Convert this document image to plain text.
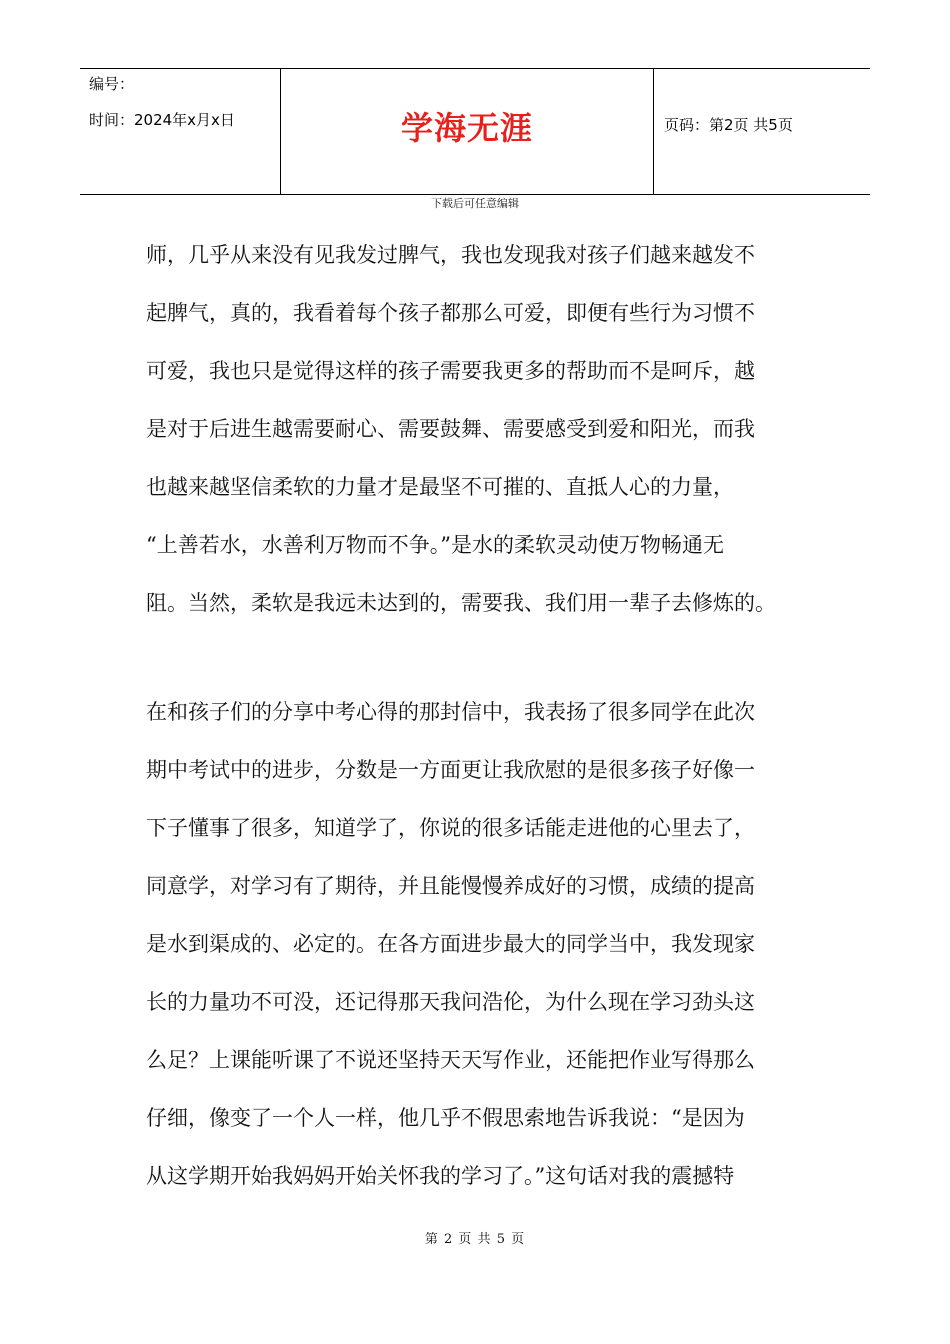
编号：
时间：2024年x月x日	学海无涯	页码：第2页 共5页
下载后可任意编辑
师，几乎从来没有见我发过脾气，我也发现我对孩子们越来越发不
起脾气，真的，我看着每个孩子都那么可爱，即便有些行为习惯不
可爱，我也只是觉得这样的孩子需要我更多的帮助而不是呵斥，越
是对于后进生越需要耐心、需要鼓舞、需要感受到爱和阳光，而我
也越来越坚信柔软的力量才是最坚不可摧的、直抵人心的力量，
“上善若水，水善利万物而不争。”是水的柔软灵动使万物畅通无
阻。当然，柔软是我远未达到的，需要我、我们用一辈子去修炼的。
在和孩子们的分享中考心得的那封信中，我表扬了很多同学在此次
期中考试中的进步，分数是一方面更让我欣慰的是很多孩子好像一
下子懂事了很多，知道学了，你说的很多话能走进他的心里去了，
同意学，对学习有了期待，并且能慢慢养成好的习惯，成绩的提高
是水到渠成的、必定的。在各方面进步最大的同学当中，我发现家
长的力量功不可没，还记得那天我问浩伦，为什么现在学习劲头这
么足？上课能听课了不说还坚持天天写作业，还能把作业写得那么
仔细，像变了一个人一样，他几乎不假思索地告诉我说：“是因为
从这学期开始我妈妈开始关怀我的学习了。”这句话对我的震撼特
第 2 页 共 5 页
